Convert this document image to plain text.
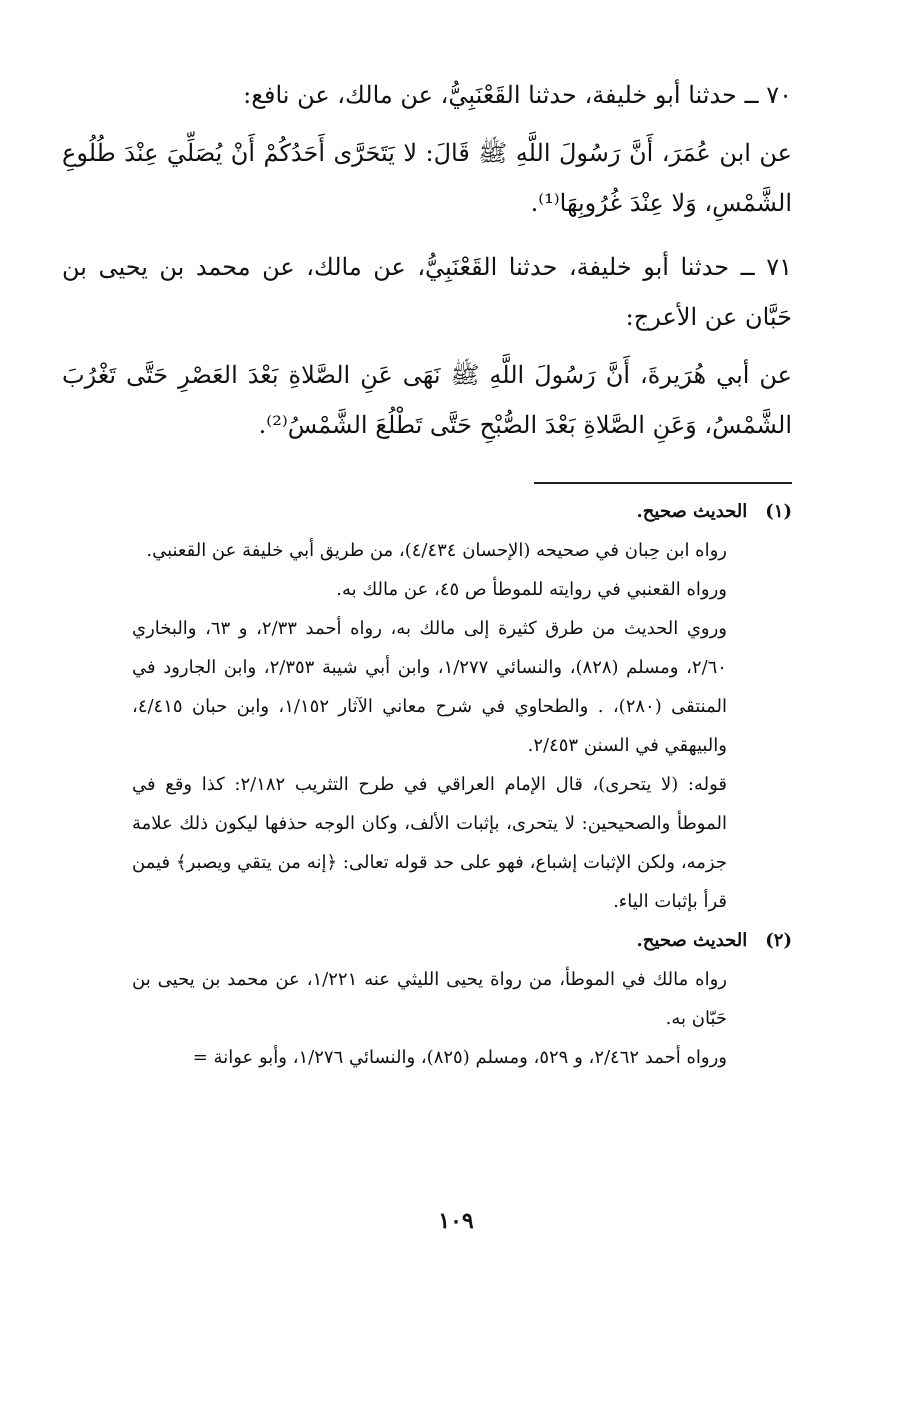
٧٠ ــ حدثنا أبو خليفة، حدثنا القَعْنَبِيُّ، عن مالك، عن نافع:

عن ابن عُمَرَ، أَنَّ رَسُولَ اللَّهِ ﷺ قَالَ: لا يَتَحَرَّى أَحَدُكُمْ أَنْ يُصَلِّيَ عِنْدَ طُلُوعِ الشَّمْسِ، وَلا عِنْدَ غُرُوبِهَا⁽¹⁾.

٧١ ــ حدثنا أبو خليفة، حدثنا القَعْنَبِيُّ، عن مالك، عن محمد بن يحيى بن حَبَّان عن الأعرج:

عن أبي هُرَيرةَ، أَنَّ رَسُولَ اللَّهِ ﷺ نَهَى عَنِ الصَّلاةِ بَعْدَ العَصْرِ حَتَّى تَغْرُبَ الشَّمْسُ، وَعَنِ الصَّلاةِ بَعْدَ الصُّبْحِ حَتَّى تَطْلُعَ الشَّمْسُ⁽²⁾.

(١)الحديث صحيح.

رواه ابن حِبان في صحيحه (الإحسان ٤/٤٣٤)، من طريق أبي خليفة عن القعنبي.

ورواه القعنبي في روايته للموطأ ص ٤٥، عن مالك به.

وروي الحديث من طرق كثيرة إلى مالك به، رواه أحمد ٢/٣٣، و ٦٣، والبخاري ٢/٦٠، ومسلم (٨٢٨)، والنسائي ١/٢٧٧، وابن أبي شيبة ٢/٣٥٣، وابن الجارود في المنتقى (٢٨٠)، . والطحاوي في شرح معاني الآثار ١/١٥٢، وابن حبان ٤/٤١٥، والبيهقي في السنن ٢/٤٥٣.

قوله: (لا يتحرى)، قال الإمام العراقي في طرح التثريب ٢/١٨٢: كذا وقع في الموطأ والصحيحين: لا يتحرى، بإثبات الألف، وكان الوجه حذفها ليكون ذلك علامة جزمه، ولكن الإثبات إشباع، فهو على حد قوله تعالى: ﴿إنه من يتقي ويصبر﴾ فيمن قرأ بإثبات الياء.

(٢)الحديث صحيح.

رواه مالك في الموطأ، من رواة يحيى الليثي عنه ١/٢٢١، عن محمد بن يحيى بن حَبّان به.

ورواه أحمد ٢/٤٦٢، و ٥٢٩، ومسلم (٨٢٥)، والنسائي ١/٢٧٦، وأبو عوانة =

١٠٩
